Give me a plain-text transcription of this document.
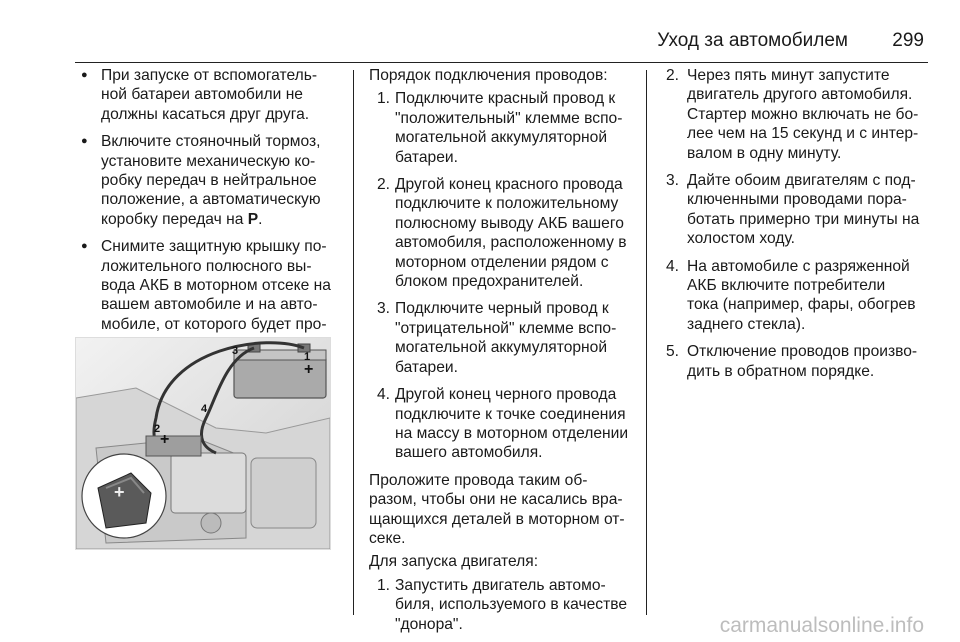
Уход за автомобилем 299
● При запуске от вспомогатель-
ной батареи автомобили не
должны касаться друг друга.
● Включите стояночный тормоз,
установите механическую ко-
робку передач в нейтральное
положение, а автоматическую
коробку передач на P.
● Снимите защитную крышку по-
ложительного полюсного вы-
вода АКБ в моторном отсеке на
вашем автомобиле и на авто-
мобиле, от которого будет про-
3	1
+
2
+
4
+

Порядок подключения проводов:

1. Подключите красный провод к
"положительный" клемме вспо-
могательной аккумуляторной
батареи.
2. Другой конец красного провода
подключите к положительному
полюсному выводу АКБ вашего
автомобиля, расположенному в
моторном отделении рядом с
блоком предохранителей.
3. Подключите черный провод к
"отрицательной" клемме вспо-
могательной аккумуляторной
батареи.
4. Другой конец черного провода
подключите к точке соединения
на массу в моторном отделении
вашего автомобиля.
Проложите провода таким об-
разом, чтобы они не касались вра-
щающихся деталей в моторном от-
секе.

Для запуска двигателя:

1. Запустить двигатель автомо-
биля, используемого в качестве
"донора".
2. Через пять минут запустите
двигатель другого автомобиля.
Стартер можно включать не бо-
лее чем на 15 секунд и с интер-
валом в одну минуту.
3. Дайте обоим двигателям с под-
ключенными проводами пора-
ботать примерно три минуты на
холостом ходу.
4. На автомобиле с разряженной
АКБ включите потребители
тока (например, фары, обогрев
заднего стекла).
5. Отключение проводов произво-
дить в обратном порядке.
carmanualsonline.info
